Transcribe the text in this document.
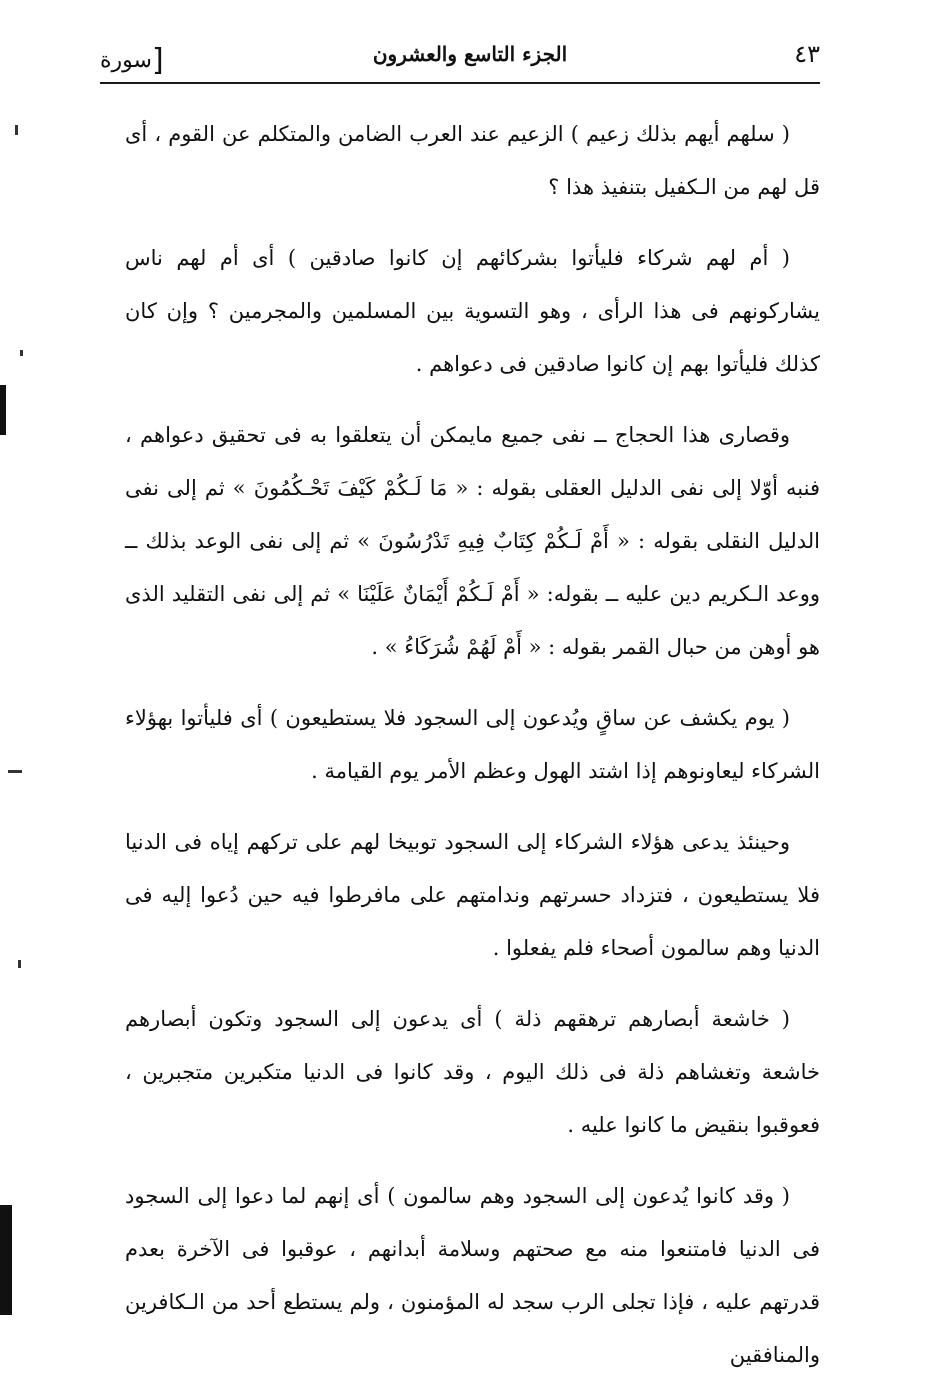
٤٣
الجزء التاسع والعشرون
[سورة

( سلهم أيهم بذلك زعيم ) الزعيم عند العرب الضامن والمتكلم عن القوم ، أى قل لهم من الـكفيل بتنفيذ هذا ؟

( أم لهم شركاء فليأتوا بشركائهم إن كانوا صادقين ) أى أم لهم ناس يشاركونهم فى هذا الرأى ، وهو التسوية بين المسلمين والمجرمين ؟ وإن كان كذلك فليأتوا بهم إن كانوا صادقين فى دعواهم .

وقصارى هذا الحجاج ــ نفى جميع مايمكن أن يتعلقوا به فى تحقيق دعواهم ، فنبه أوّلا إلى نفى الدليل العقلى بقوله : « مَا لَـكُمْ كَيْفَ تَحْـكُمُونَ » ثم إلى نفى الدليل النقلى بقوله : « أَمْ لَـكُمْ كِتَابٌ فِيهِ تَدْرُسُونَ » ثم إلى نفى الوعد بذلك ــ ووعد الـكريم دين عليه ــ بقوله: « أَمْ لَـكُمْ أَيْمَانٌ عَلَيْنَا » ثم إلى نفى التقليد الذى هو أوهن من حبال القمر بقوله : « أَمْ لَهُمْ شُرَكَاءُ » .

( يوم يكشف عن ساقٍ ويُدعون إلى السجود فلا يستطيعون ) أى فليأتوا بهؤلاء الشركاء ليعاونوهم إذا اشتد الهول وعظم الأمر يوم القيامة .

وحينئذ يدعى هؤلاء الشركاء إلى السجود توبيخا لهم على تركهم إياه فى الدنيا فلا يستطيعون ، فتزداد حسرتهم وندامتهم على مافرطوا فيه حين دُعوا إليه فى الدنيا وهم سالمون أصحاء فلم يفعلوا .

( خاشعة أبصارهم ترهقهم ذلة ) أى يدعون إلى السجود وتكون أبصارهم خاشعة وتغشاهم ذلة فى ذلك اليوم ، وقد كانوا فى الدنيا متكبرين متجبرين ، فعوقبوا بنقيض ما كانوا عليه .

( وقد كانوا يُدعون إلى السجود وهم سالمون ) أى إنهم لما دعوا إلى السجود فى الدنيا فامتنعوا منه مع صحتهم وسلامة أبدانهم ، عوقبوا فى الآخرة بعدم قدرتهم عليه ، فإذا تجلى الرب سجد له المؤمنون ، ولم يستطع أحد من الـكافرين والمنافقين
